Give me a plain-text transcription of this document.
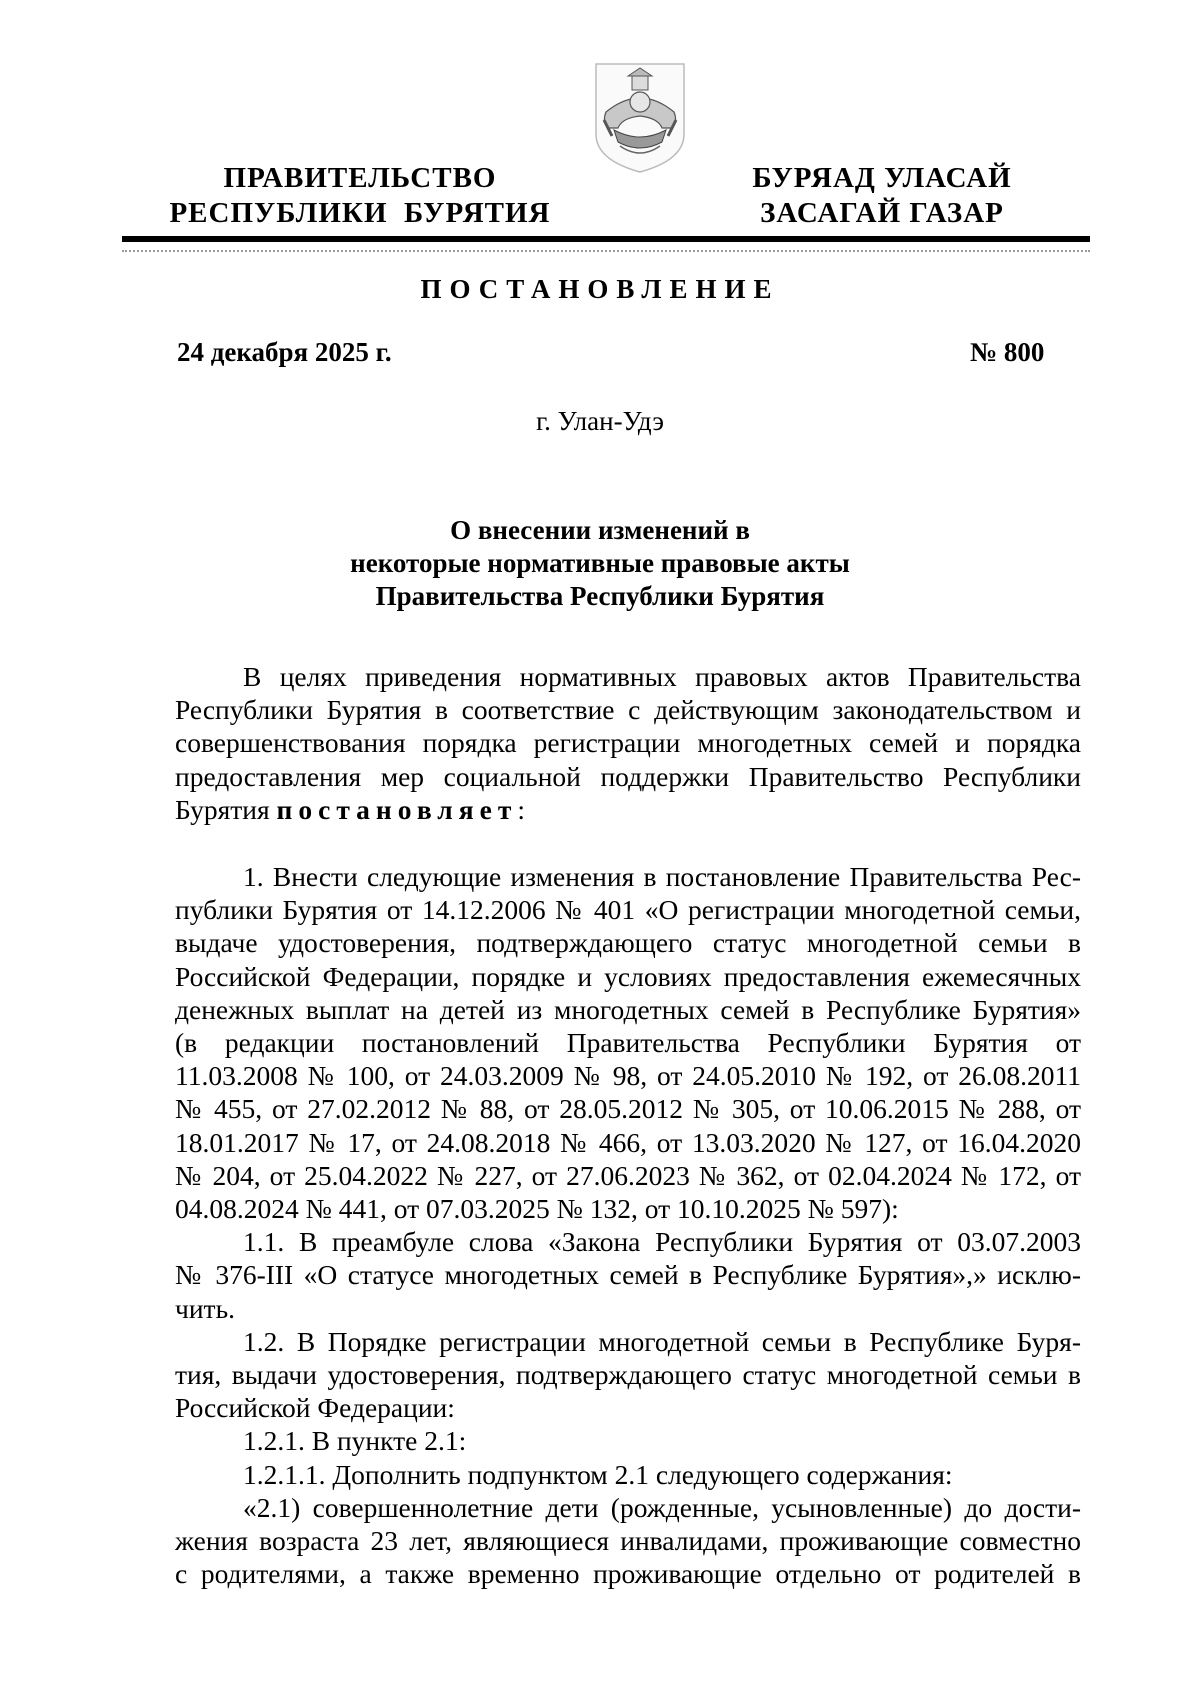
ПРАВИТЕЛЬСТВО
РЕСПУБЛИКИ  БУРЯТИЯ
БУРЯАД УЛАСАЙ
ЗАСАГАЙ ГАЗАР
ПОСТАНОВЛЕНИЕ
24 декабря 2025 г.	№ 800
г. Улан-Удэ
О внесении изменений в
некоторые нормативные правовые акты
Правительства Республики Бурятия
В целях приведения нормативных правовых актов Правительства
Республики Бурятия в соответствие с действующим законодательством и
совершенствования порядка регистрации многодетных семей и порядка
предоставления мер социальной поддержки Правительство Республики
Бурятия постановляет:
1. Внести следующие изменения в постановление Правительства Рес-
публики Бурятия от 14.12.2006 № 401 «О регистрации многодетной семьи,
выдаче удостоверения, подтверждающего статус многодетной семьи в
Российской Федерации, порядке и условиях предоставления ежемесячных
денежных выплат на детей из многодетных семей в Республике Бурятия»
(в редакции постановлений Правительства Республики Бурятия от
11.03.2008 № 100, от 24.03.2009 № 98, от 24.05.2010 № 192, от 26.08.2011
№ 455, от 27.02.2012 № 88, от 28.05.2012 № 305, от 10.06.2015 № 288, от
18.01.2017 № 17, от 24.08.2018 № 466, от 13.03.2020 № 127, от 16.04.2020
№ 204, от 25.04.2022 № 227, от 27.06.2023 № 362, от 02.04.2024 № 172, от
04.08.2024 № 441, от 07.03.2025 № 132, от 10.10.2025 № 597):
1.1. В преамбуле слова «Закона Республики Бурятия от 03.07.2003
№ 376-III «О статусе многодетных семей в Республике Бурятия»,» исклю-
чить.
1.2. В Порядке регистрации многодетной семьи в Республике Буря-
тия, выдачи удостоверения, подтверждающего статус многодетной семьи в
Российской Федерации:
1.2.1. В пункте 2.1:
1.2.1.1. Дополнить подпунктом 2.1 следующего содержания:
«2.1) совершеннолетние дети (рожденные, усыновленные) до дости-
жения возраста 23 лет, являющиеся инвалидами, проживающие совместно
с родителями, а также временно проживающие отдельно от родителей в
